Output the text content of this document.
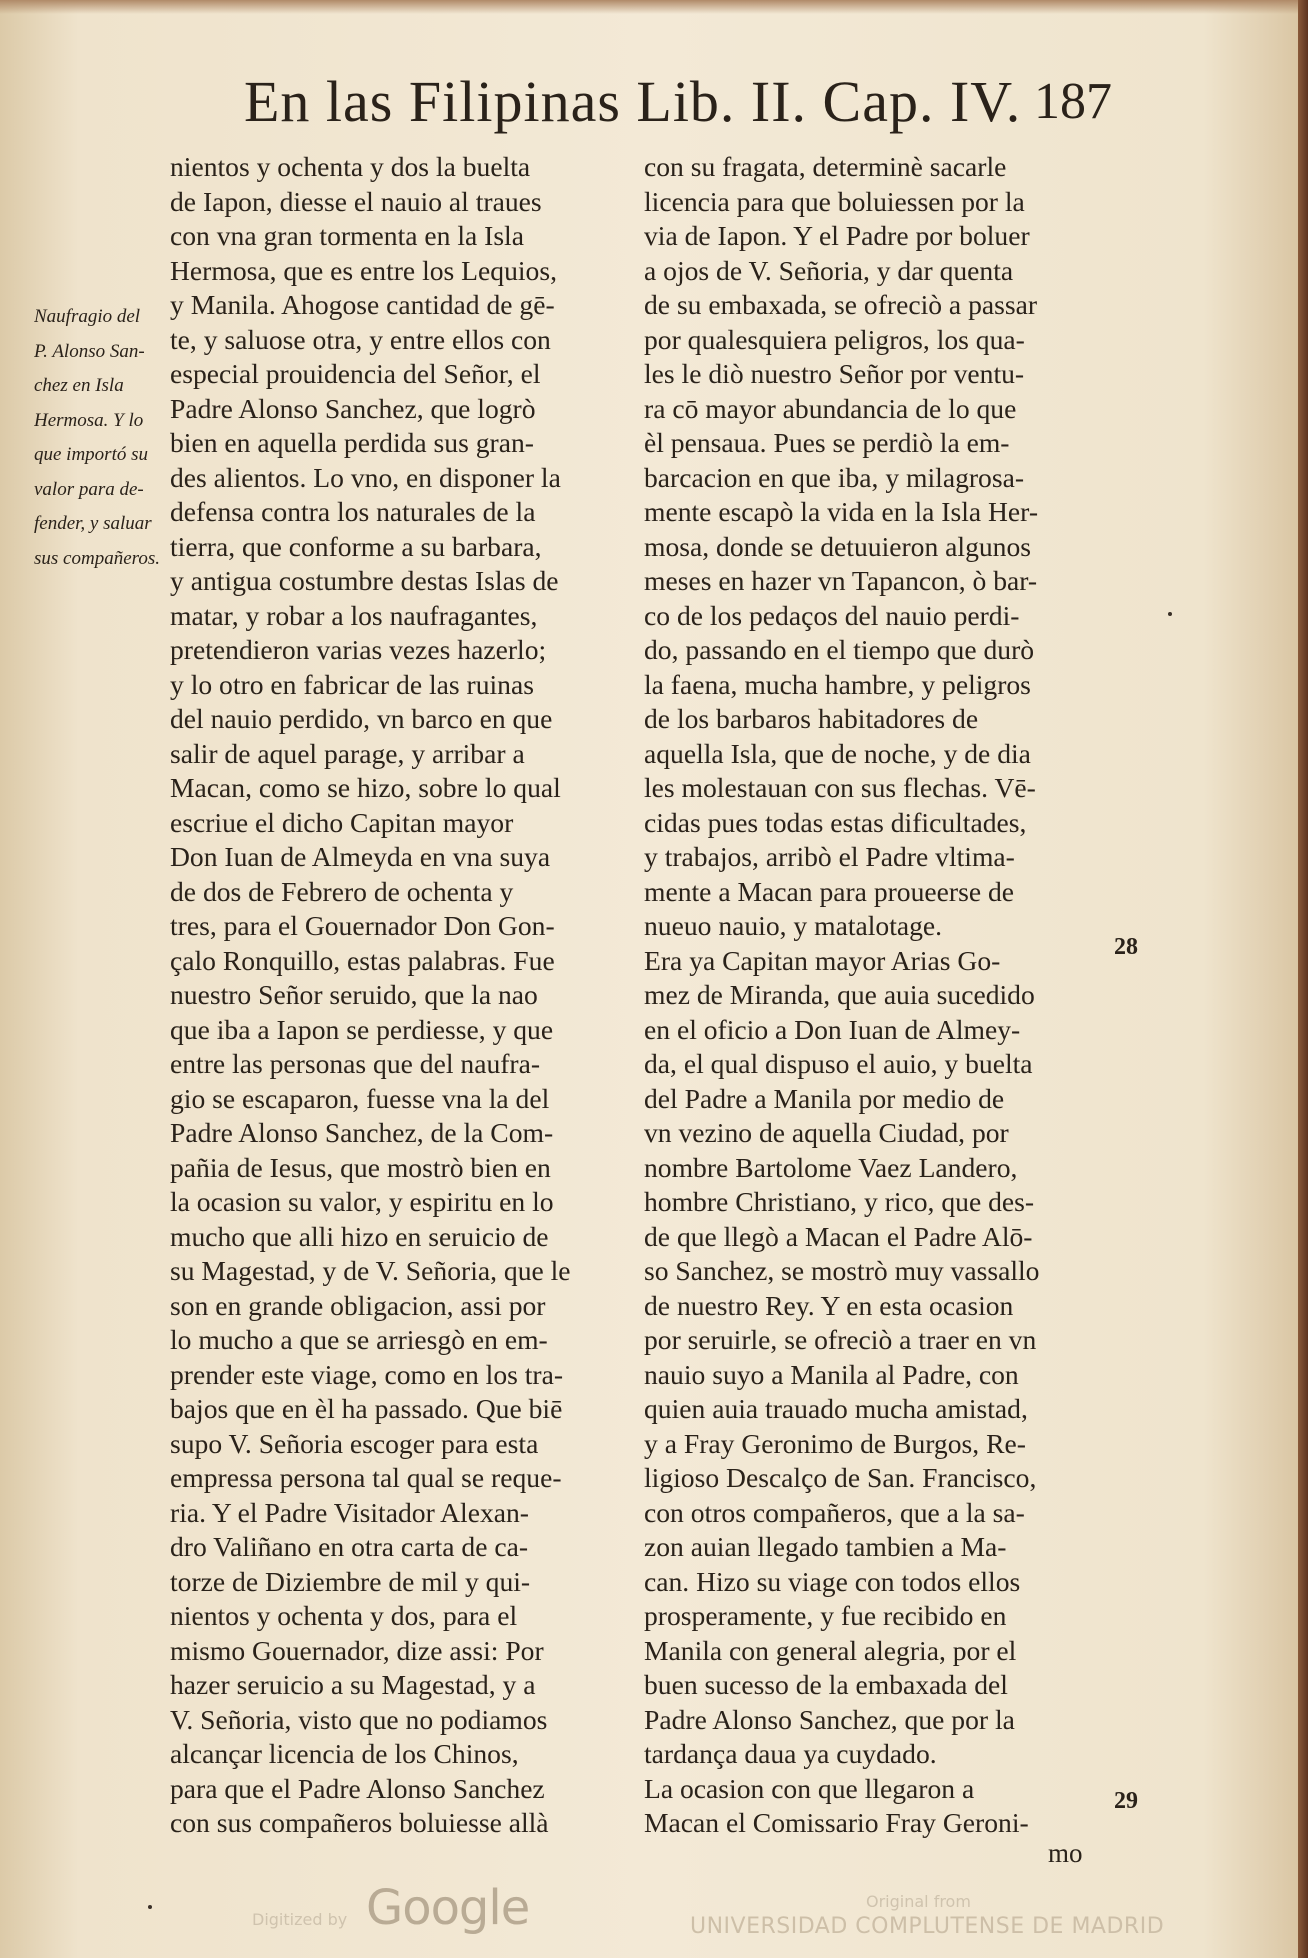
En las Filipinas Lib. II. Cap. IV. 187
Naufragio del
P. Alonso San-
chez en Isla
Hermosa. Y lo
que importó su
valor para de-
fender, y saluar
sus compañeros.
nientos y ochenta y dos la buelta
de Iapon, diesse el nauio al traues
con vna gran tormenta en la Isla
Hermosa, que es entre los Lequios,
y Manila. Ahogose cantidad de gē-
te, y saluose otra, y entre ellos con
especial prouidencia del Señor, el
Padre Alonso Sanchez, que logrò
bien en aquella perdida sus gran-
des alientos. Lo vno, en disponer la
defensa contra los naturales de la
tierra, que conforme a su barbara,
y antigua costumbre destas Islas de
matar, y robar a los naufragantes,
pretendieron varias vezes hazerlo;
y lo otro en fabricar de las ruinas
del nauio perdido, vn barco en que
salir de aquel parage, y arribar a
Macan, como se hizo, sobre lo qual
escriue el dicho Capitan mayor
Don Iuan de Almeyda en vna suya
de dos de Febrero de ochenta y
tres, para el Gouernador Don Gon-
çalo Ronquillo, estas palabras. Fue
nuestro Señor seruido, que la nao
que iba a Iapon se perdiesse, y que
entre las personas que del naufra-
gio se escaparon, fuesse vna la del
Padre Alonso Sanchez, de la Com-
pañia de Iesus, que mostrò bien en
la ocasion su valor, y espiritu en lo
mucho que alli hizo en seruicio de
su Magestad, y de V. Señoria, que le
son en grande obligacion, assi por
lo mucho a que se arriesgò en em-
prender este viage, como en los tra-
bajos que en èl ha passado. Que biē
supo V. Señoria escoger para esta
empressa persona tal qual se reque-
ria. Y el Padre Visitador Alexan-
dro Valiñano en otra carta de ca-
torze de Diziembre de mil y qui-
nientos y ochenta y dos, para el
mismo Gouernador, dize assi: Por
hazer seruicio a su Magestad, y a
V. Señoria, visto que no podiamos
alcançar licencia de los Chinos,
para que el Padre Alonso Sanchez
con sus compañeros boluiesse allà
con su fragata, determinè sacarle
licencia para que boluiessen por la
via de Iapon. Y el Padre por boluer
a ojos de V. Señoria, y dar quenta
de su embaxada, se ofreciò a passar
por qualesquiera peligros, los qua-
les le diò nuestro Señor por ventu-
ra cō mayor abundancia de lo que
èl pensaua. Pues se perdiò la em-
barcacion en que iba, y milagrosa-
mente escapò la vida en la Isla Her-
mosa, donde se detuuieron algunos
meses en hazer vn Tapancon, ò bar-
co de los pedaços del nauio perdi-
do, passando en el tiempo que durò
la faena, mucha hambre, y peligros
de los barbaros habitadores de
aquella Isla, que de noche, y de dia
les molestauan con sus flechas. Vē-
cidas pues todas estas dificultades,
y trabajos, arribò el Padre vltima-
mente a Macan para proueerse de
nueuo nauio, y matalotage.
Era ya Capitan mayor Arias Go-
mez de Miranda, que auia sucedido
en el oficio a Don Iuan de Almey-
da, el qual dispuso el auio, y buelta
del Padre a Manila por medio de
vn vezino de aquella Ciudad, por
nombre Bartolome Vaez Landero,
hombre Christiano, y rico, que des-
de que llegò a Macan el Padre Alō-
so Sanchez, se mostrò muy vassallo
de nuestro Rey. Y en esta ocasion
por seruirle, se ofreciò a traer en vn
nauio suyo a Manila al Padre, con
quien auia trauado mucha amistad,
y a Fray Geronimo de Burgos, Re-
ligioso Descalço de San. Francisco,
con otros compañeros, que a la sa-
zon auian llegado tambien a Ma-
can. Hizo su viage con todos ellos
prosperamente, y fue recibido en
Manila con general alegria, por el
buen sucesso de la embaxada del
Padre Alonso Sanchez, que por la
tardança daua ya cuydado.
La ocasion con que llegaron a
Macan el Comissario Fray Geroni-
28
29
mo
Digitized by Google	Original from
UNIVERSIDAD COMPLUTENSE DE MADRID
